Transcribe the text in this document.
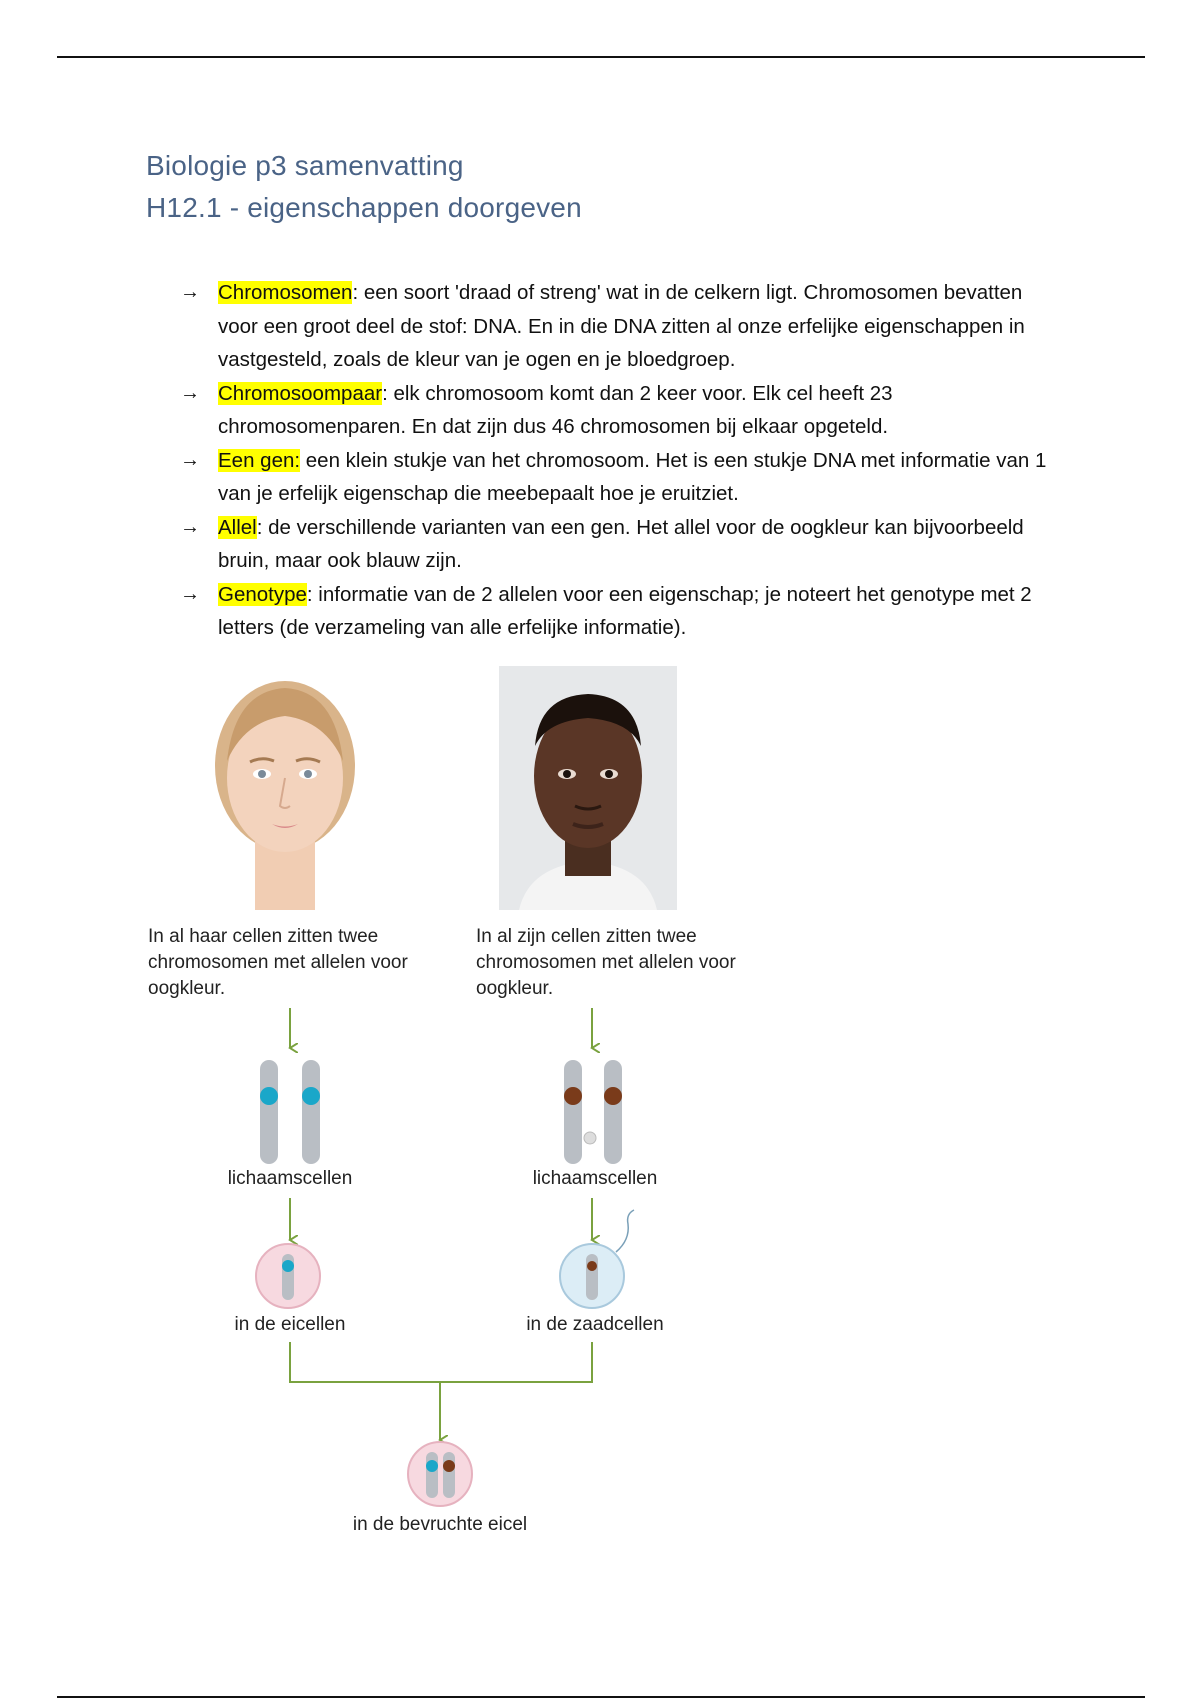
Biologie p3 samenvatting
H12.1 - eigenschappen doorgeven
→ Chromosomen: een soort 'draad of streng' wat in de celkern ligt. Chromosomen bevatten voor een groot deel de stof: DNA. En in die DNA zitten al onze erfelijke eigenschappen in vastgesteld, zoals de kleur van je ogen en je bloedgroep.
→ Chromosoompaar: elk chromosoom komt dan 2 keer voor. Elk cel heeft 23 chromosomenparen. En dat zijn dus 46 chromosomen bij elkaar opgeteld.
→ Een gen: een klein stukje van het chromosoom. Het is een stukje DNA met informatie van 1 van je erfelijk eigenschap die meebepaalt hoe je eruitziet.
→ Allel: de verschillende varianten van een gen. Het allel voor de oogkleur kan bijvoorbeeld bruin, maar ook blauw zijn.
→ Genotype: informatie van de 2 allelen voor een eigenschap; je noteert het genotype met 2 letters (de verzameling van alle erfelijke informatie).
In al haar cellen zitten twee chromosomen met allelen voor oogkleur.
In al zijn cellen zitten twee chromosomen met allelen voor oogkleur.
lichaamscellen	lichaamscellen
in de eicellen	in de zaadcellen
in de bevruchte eicel
